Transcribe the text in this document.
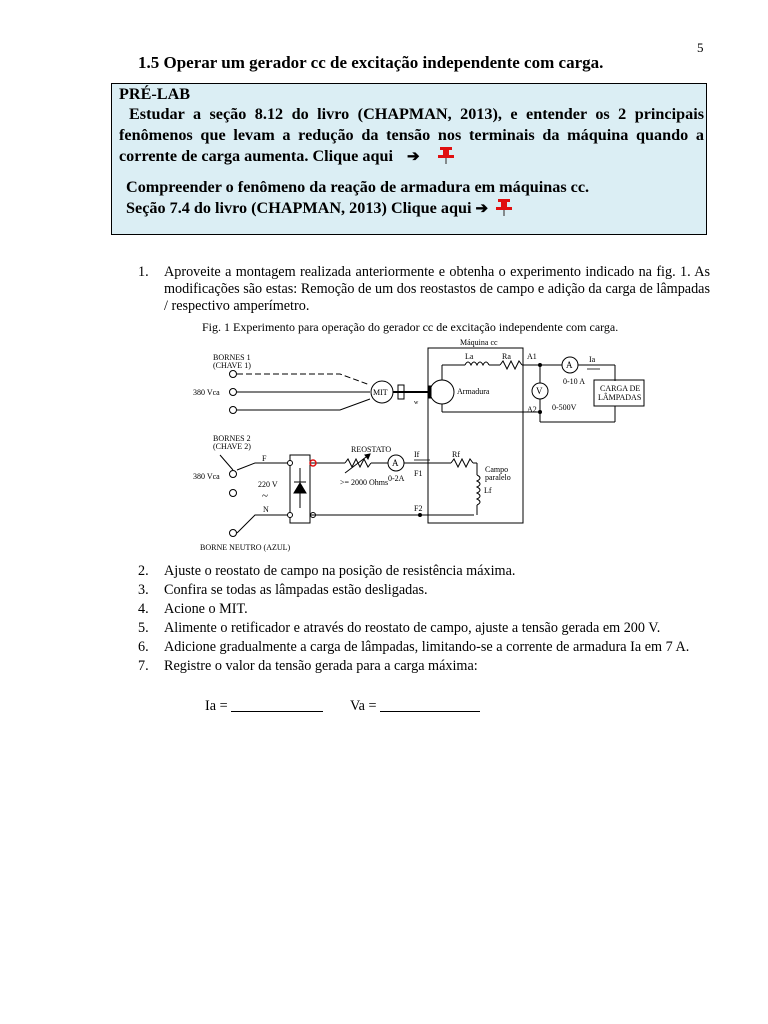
5
1.5 Operar um gerador cc de excitação independente com carga.
PRÉ-LAB
Estudar a seção 8.12 do livro (CHAPMAN, 2013), e entender os 2 principais fenômenos que levam a redução da tensão nos terminais da máquina quando a corrente de carga aumenta. Clique aqui ➔
Compreender o fenômeno da reação de armadura em máquinas cc.
Seção 7.4 do livro (CHAPMAN, 2013) Clique aqui ➔
1. Aproveite a montagem realizada anteriormente e obtenha o experimento indicado na fig. 1. As modificações são estas: Remoção de um dos reostastos de campo e adição da carga de lâmpadas / respectivo amperímetro.
Fig. 1 Experimento para operação do gerador cc de excitação independente com carga.
BORNES 1
(CHAVE 1)
380 Vca	MIT
w
Máquina cc
La	Ra A1
A2
Armadura
Ia
A
0-10 A
V
0-500V
CARGA DE
LÂMPADAS
BORNES 2
(CHAVE 2)
380 Vca
F
N
220 V
~
REOSTATO
>= 2000 Ohms
If
A
0-2A
F1
F2
Rf
Campo
paralelo
Lf
BORNE NEUTRO (AZUL)
2. Ajuste o reostato de campo na posição de resistência máxima.
3. Confira se todas as lâmpadas estão desligadas.
4. Acione o MIT.
5. Alimente o retificador e através do reostato de campo, ajuste a tensão gerada em 200 V.
6. Adicione gradualmente a carga de lâmpadas, limitando-se a corrente de armadura Ia em 7 A.
7. Registre o valor da tensão gerada para a carga máxima:
Ia =	Va =
